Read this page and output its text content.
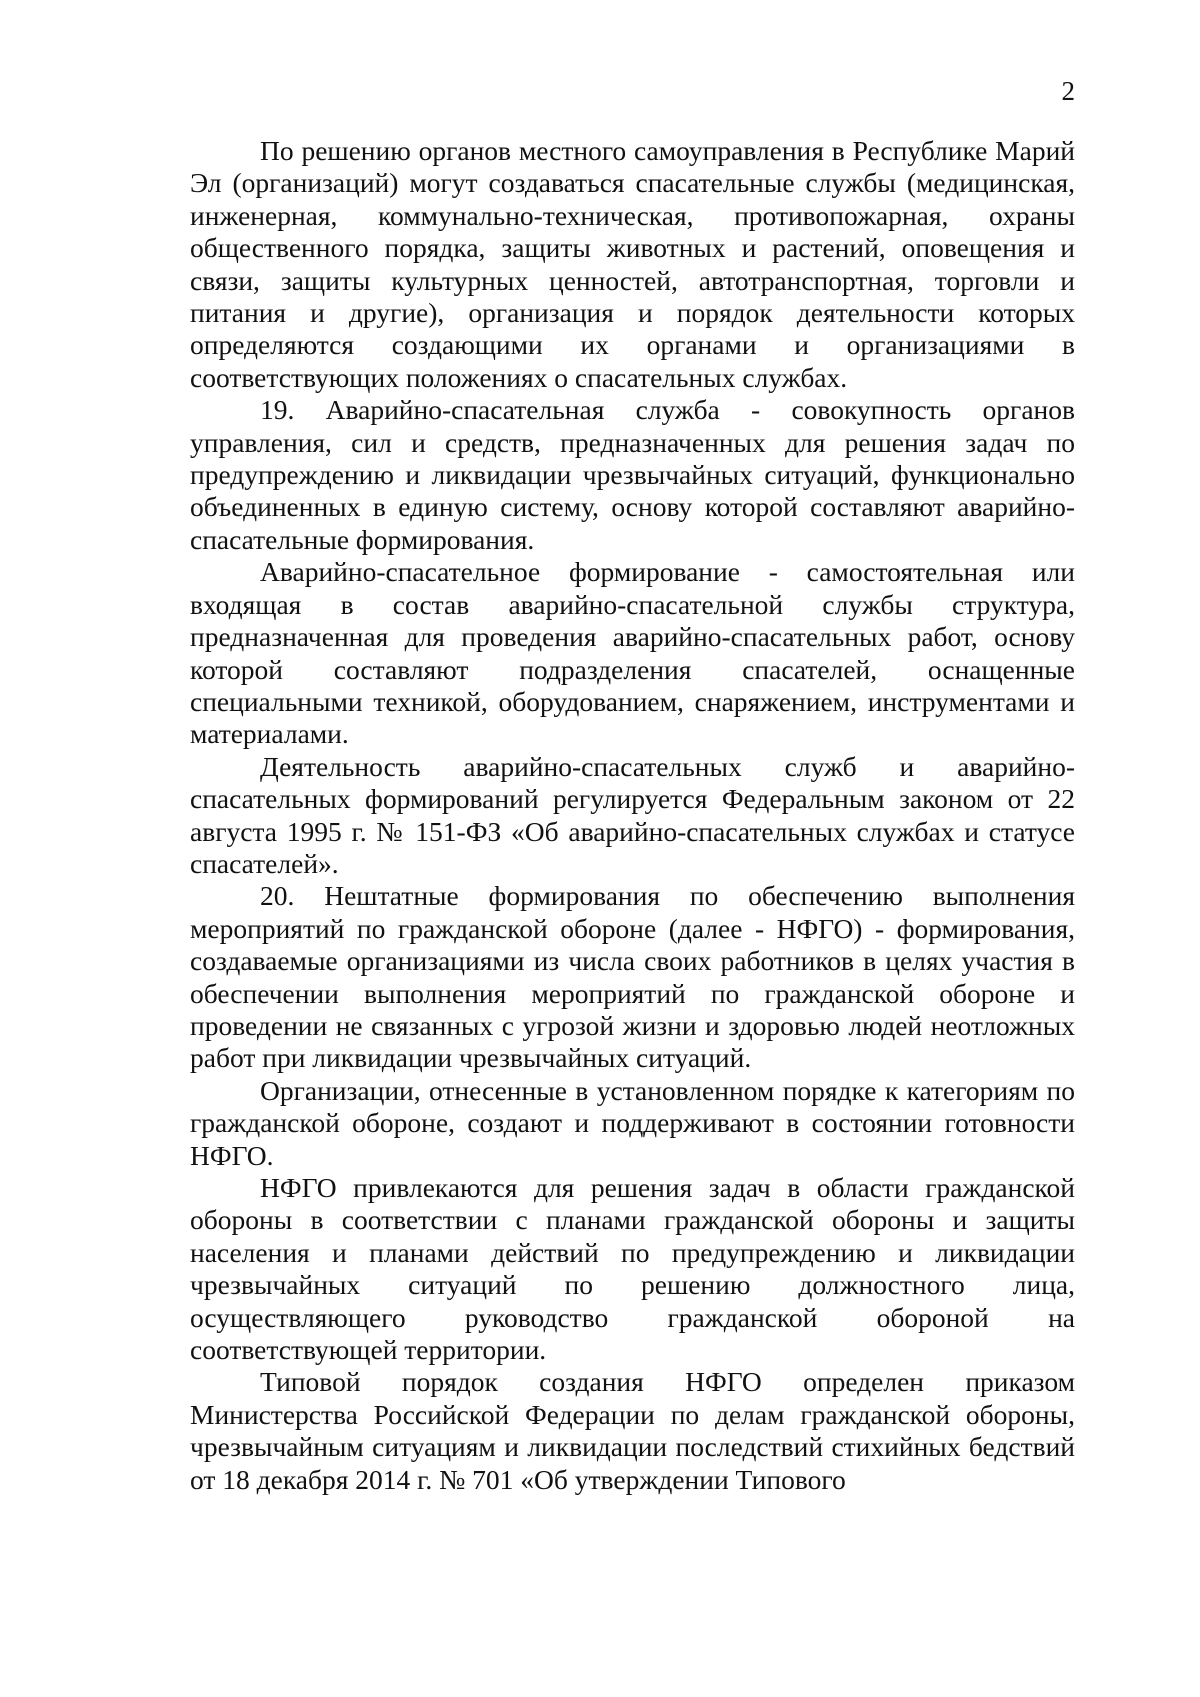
2

По решению органов местного самоуправления в Республике Марий Эл (организаций) могут создаваться спасательные службы (медицинская, инженерная, коммунально-техническая, противопожарная, охраны общественного порядка, защиты животных и растений, оповещения и связи, защиты культурных ценностей, автотранспортная, торговли и питания и другие), организация и порядок деятельности которых определяются создающими их органами и организациями в соответствующих положениях о спасательных службах.

19. Аварийно-спасательная служба - совокупность органов управления, сил и средств, предназначенных для решения задач по предупреждению и ликвидации чрезвычайных ситуаций, функционально объединенных в единую систему, основу которой составляют аварийно-спасательные формирования.

Аварийно-спасательное формирование - самостоятельная или входящая в состав аварийно-спасательной службы структура, предназначенная для проведения аварийно-спасательных работ, основу которой составляют подразделения спасателей, оснащенные специальными техникой, оборудованием, снаряжением, инструментами и материалами.

Деятельность аварийно-спасательных служб и аварийно-спасательных формирований регулируется Федеральным законом от 22 августа 1995 г. № 151-ФЗ «Об аварийно-спасательных службах и статусе спасателей».

20. Нештатные формирования по обеспечению выполнения мероприятий по гражданской обороне (далее - НФГО) - формирования, создаваемые организациями из числа своих работников в целях участия в обеспечении выполнения мероприятий по гражданской обороне и проведении не связанных с угрозой жизни и здоровью людей неотложных работ при ликвидации чрезвычайных ситуаций.

Организации, отнесенные в установленном порядке к категориям по гражданской обороне, создают и поддерживают в состоянии готовности НФГО.

НФГО привлекаются для решения задач в области гражданской обороны в соответствии с планами гражданской обороны и защиты населения и планами действий по предупреждению и ликвидации чрезвычайных ситуаций по решению должностного лица, осуществляющего руководство гражданской обороной на соответствующей территории.

Типовой порядок создания НФГО определен приказом Министерства Российской Федерации по делам гражданской обороны, чрезвычайным ситуациям и ликвидации последствий стихийных бедствий от 18 декабря 2014 г. № 701 «Об утверждении Типового
